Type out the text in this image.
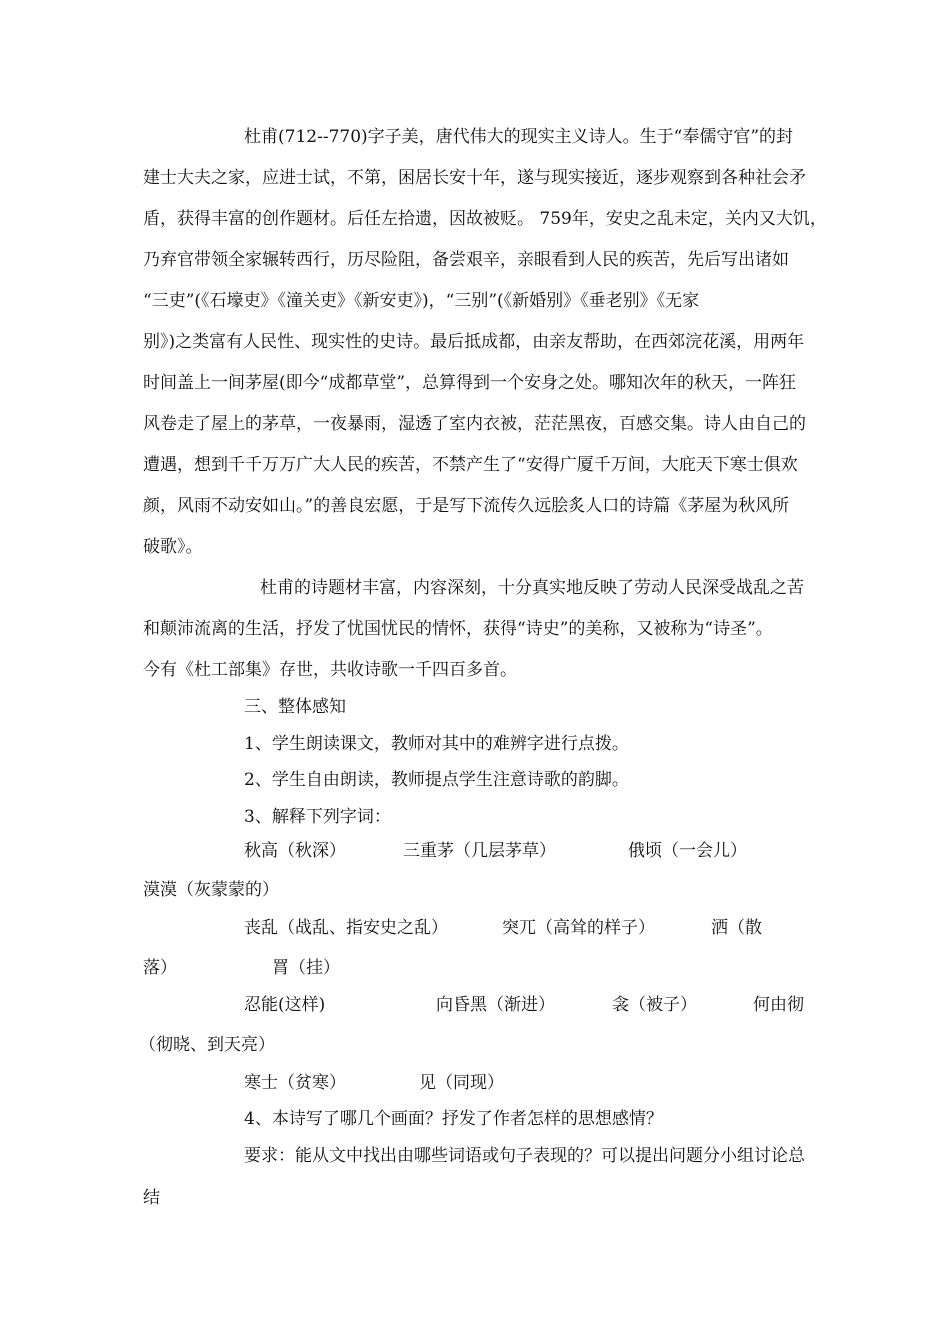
杜甫(712--770)字子美，唐代伟大的现实主义诗人。生于“奉儒守官”的封
建士大夫之家，应进士试，不第，困居长安十年，遂与现实接近，逐步观察到各种社会矛
盾，获得丰富的创作题材。后任左拾遗，因故被贬。 759年，安史之乱未定，关内又大饥，
乃弃官带领全家辗转西行，历尽险阻，备尝艰辛，亲眼看到人民的疾苦，先后写出诸如
“三吏”(《石壕吏》《潼关吏》《新安吏》)，“三别”(《新婚别》《垂老别》《无家
别》)之类富有人民性、现实性的史诗。最后抵成都，由亲友帮助，在西郊浣花溪，用两年
时间盖上一间茅屋(即今“成都草堂”，总算得到一个安身之处。哪知次年的秋天，一阵狂
风卷走了屋上的茅草，一夜暴雨，湿透了室内衣被，茫茫黑夜，百感交集。诗人由自己的
遭遇，想到千千万万广大人民的疾苦，不禁产生了“安得广厦千万间，大庇天下寒士俱欢
颜，风雨不动安如山。”的善良宏愿，于是写下流传久远脍炙人口的诗篇《茅屋为秋风所
破歌》。
杜甫的诗题材丰富，内容深刻，十分真实地反映了劳动人民深受战乱之苦
和颠沛流离的生活，抒发了忧国忧民的情怀，获得“诗史”的美称，又被称为“诗圣”。
今有《杜工部集》存世，共收诗歌一千四百多首。
三、整体感知
1、学生朗读课文，教师对其中的难辨字进行点拨。
2、学生自由朗读，教师提点学生注意诗歌的韵脚。
3、解释下列字词：
秋高（秋深）	三重茅（几层茅草）	俄顷（一会儿）
漠漠（灰蒙蒙的）
丧乱（战乱、指安史之乱）	突兀（高耸的样子）	洒（散
落）	罥（挂）
忍能(这样)	向昏黑（渐进）	衾（被子）	何由彻
（彻晓、到天亮）
寒士（贫寒）	见（同现）
4、本诗写了哪几个画面？抒发了作者怎样的思想感情？
要求：能从文中找出由哪些词语或句子表现的？可以提出问题分小组讨论总
结
